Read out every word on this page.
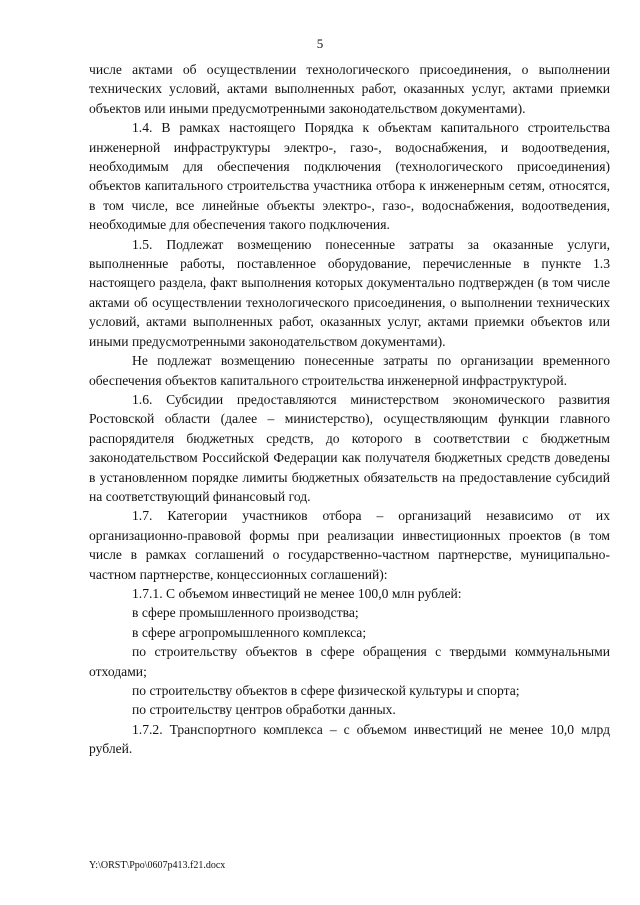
5

числе актами об осуществлении технологического присоединения, о выполнении технических условий, актами выполненных работ, оказанных услуг, актами приемки объектов или иными предусмотренными законодательством документами).

1.4. В рамках настоящего Порядка к объектам капитального строительства инженерной инфраструктуры электро-, газо-, водоснабжения, и водоотведения, необходимым для обеспечения подключения (технологического присоединения) объектов капитального строительства участника отбора к инженерным сетям, относятся, в том числе, все линейные объекты электро-, газо-, водоснабжения, водоотведения, необходимые для обеспечения такого подключения.

1.5. Подлежат возмещению понесенные затраты за оказанные услуги, выполненные работы, поставленное оборудование, перечисленные в пункте 1.3 настоящего раздела, факт выполнения которых документально подтвержден (в том числе актами об осуществлении технологического присоединения, о выполнении технических условий, актами выполненных работ, оказанных услуг, актами приемки объектов или иными предусмотренными законодательством документами).

Не подлежат возмещению понесенные затраты по организации временного обеспечения объектов капитального строительства инженерной инфраструктурой.

1.6. Субсидии предоставляются министерством экономического развития Ростовской области (далее – министерство), осуществляющим функции главного распорядителя бюджетных средств, до которого в соответствии с бюджетным законодательством Российской Федерации как получателя бюджетных средств доведены в установленном порядке лимиты бюджетных обязательств на предоставление субсидий на соответствующий финансовый год.

1.7. Категории участников отбора – организаций независимо от их организационно-правовой формы при реализации инвестиционных проектов (в том числе в рамках соглашений о государственно-частном партнерстве, муниципально-частном партнерстве, концессионных соглашений):

1.7.1. С объемом инвестиций не менее 100,0 млн рублей:

в сфере промышленного производства;

в сфере агропромышленного комплекса;

по строительству объектов в сфере обращения с твердыми коммунальными отходами;

по строительству объектов в сфере физической культуры и спорта;

по строительству центров обработки данных.

1.7.2. Транспортного комплекса – с объемом инвестиций не менее 10,0 млрд рублей.

Y:\ORST\Ppo\0607p413.f21.docx
